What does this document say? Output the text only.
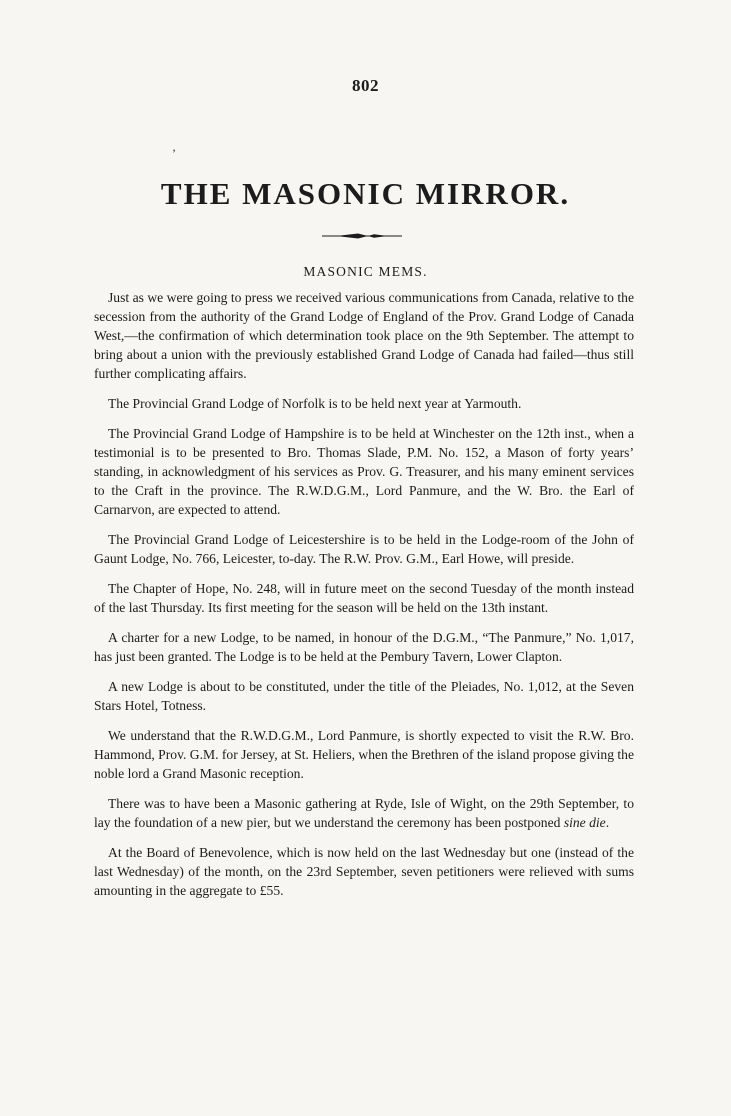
802
’
THE MASONIC MIRROR.
MASONIC MEMS.

Just as we were going to press we received various communications from Canada, relative to the secession from the authority of the Grand Lodge of England of the Prov. Grand Lodge of Canada West,—the confirmation of which determination took place on the 9th September. The attempt to bring about a union with the previously established Grand Lodge of Canada had failed—thus still further complicating affairs.

The Provincial Grand Lodge of Norfolk is to be held next year at Yarmouth.

The Provincial Grand Lodge of Hampshire is to be held at Winchester on the 12th inst., when a testimonial is to be presented to Bro. Thomas Slade, P.M. No. 152, a Mason of forty years’ standing, in acknowledgment of his services as Prov. G. Treasurer, and his many eminent services to the Craft in the province. The R.W.D.G.M., Lord Panmure, and the W. Bro. the Earl of Carnarvon, are expected to attend.

The Provincial Grand Lodge of Leicestershire is to be held in the Lodge-room of the John of Gaunt Lodge, No. 766, Leicester, to-day. The R.W. Prov. G.M., Earl Howe, will preside.

The Chapter of Hope, No. 248, will in future meet on the second Tuesday of the month instead of the last Thursday. Its first meeting for the season will be held on the 13th instant.

A charter for a new Lodge, to be named, in honour of the D.G.M., “The Panmure,” No. 1,017, has just been granted. The Lodge is to be held at the Pembury Tavern, Lower Clapton.

A new Lodge is about to be constituted, under the title of the Pleiades, No. 1,012, at the Seven Stars Hotel, Totness.

We understand that the R.W.D.G.M., Lord Panmure, is shortly expected to visit the R.W. Bro. Hammond, Prov. G.M. for Jersey, at St. Heliers, when the Brethren of the island propose giving the noble lord a Grand Masonic reception.

There was to have been a Masonic gathering at Ryde, Isle of Wight, on the 29th September, to lay the foundation of a new pier, but we understand the ceremony has been postponed sine die.

At the Board of Benevolence, which is now held on the last Wednesday but one (instead of the last Wednesday) of the month, on the 23rd September, seven petitioners were relieved with sums amounting in the aggregate to £55.
